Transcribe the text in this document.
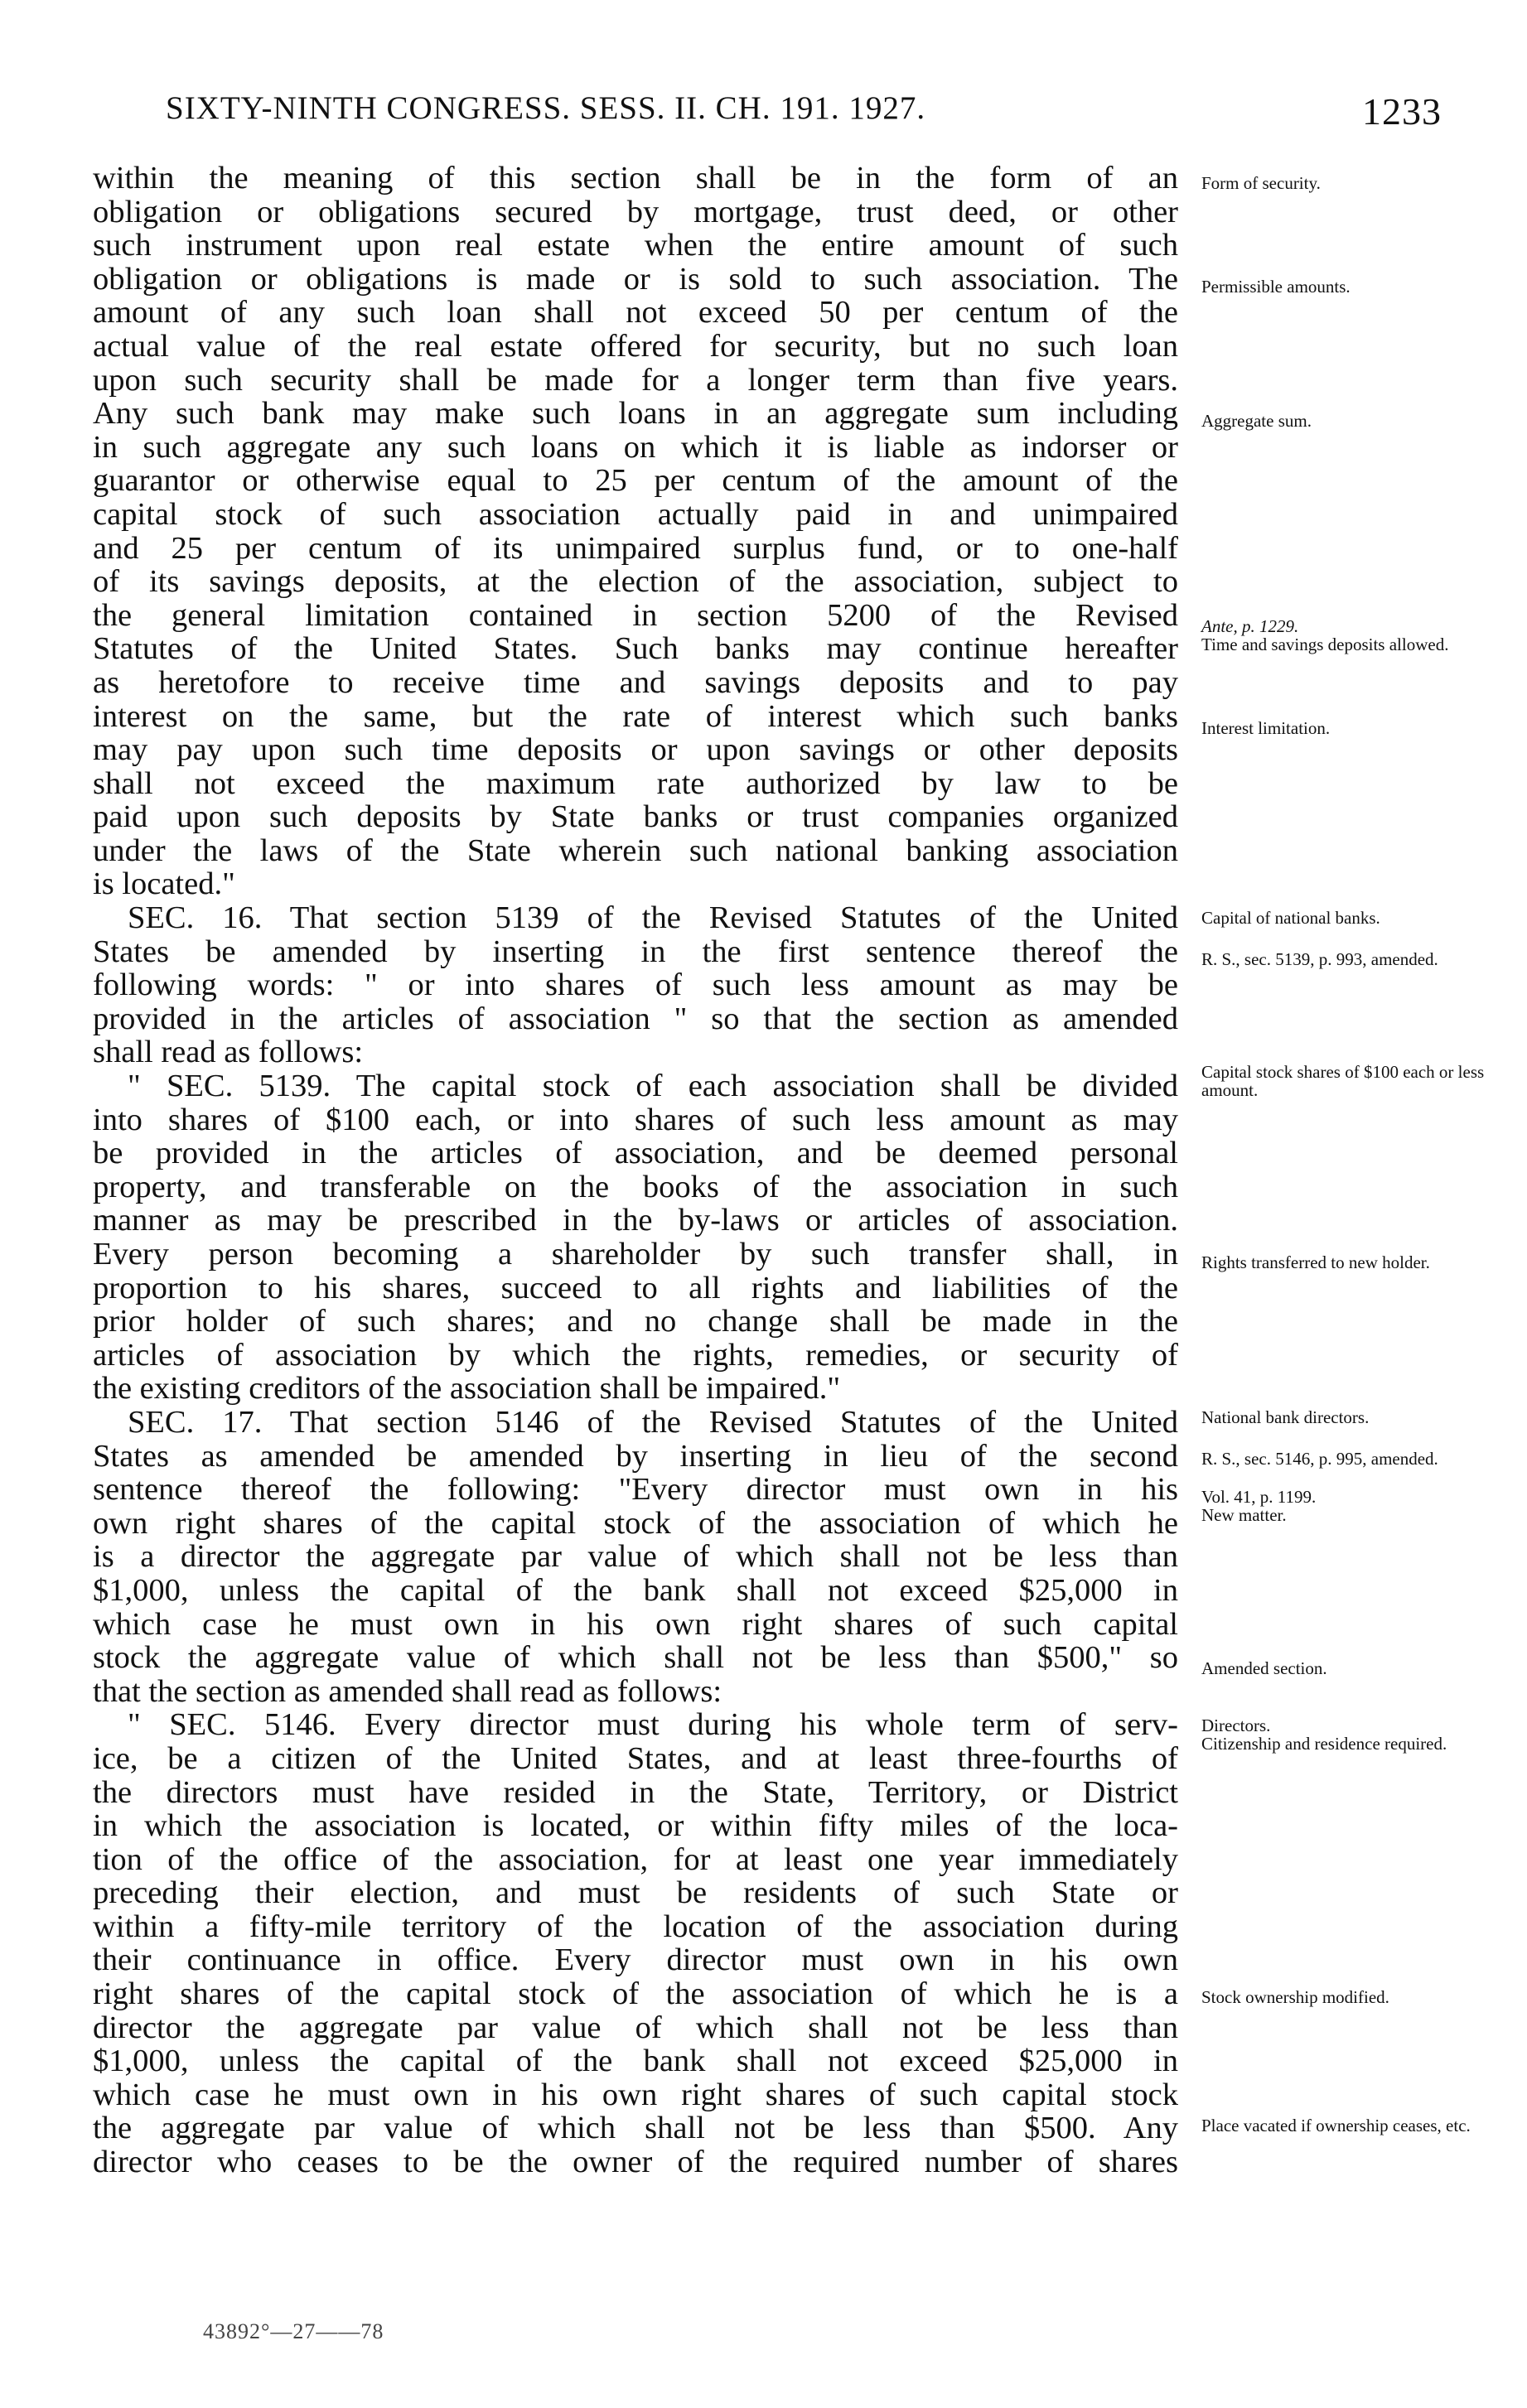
SIXTY-NINTH CONGRESS. SESS. II. CH. 191. 1927.	1233

within the meaning of this section shall be in the form of an

obligation or obligations secured by mortgage, trust deed, or other

such instrument upon real estate when the entire amount of such

obligation or obligations is made or is sold to such association. The

amount of any such loan shall not exceed 50 per centum of the

actual value of the real estate offered for security, but no such loan

upon such security shall be made for a longer term than five years.

Any such bank may make such loans in an aggregate sum including

in such aggregate any such loans on which it is liable as indorser or

guarantor or otherwise equal to 25 per centum of the amount of the

capital stock of such association actually paid in and unimpaired

and 25 per centum of its unimpaired surplus fund, or to one-half

of its savings deposits, at the election of the association, subject to

the general limitation contained in section 5200 of the Revised

Statutes of the United States. Such banks may continue hereafter

as heretofore to receive time and savings deposits and to pay

interest on the same, but the rate of interest which such banks

may pay upon such time deposits or upon savings or other deposits

shall not exceed the maximum rate authorized by law to be

paid upon such deposits by State banks or trust companies organized

under the laws of the State wherein such national banking association

is located."

SEC. 16. That section 5139 of the Revised Statutes of the United

States be amended by inserting in the first sentence thereof the

following words: " or into shares of such less amount as may be

provided in the articles of association " so that the section as amended

shall read as follows:

" SEC. 5139. The capital stock of each association shall be divided

into shares of $100 each, or into shares of such less amount as may

be provided in the articles of association, and be deemed personal

property, and transferable on the books of the association in such

manner as may be prescribed in the by-laws or articles of association.

Every person becoming a shareholder by such transfer shall, in

proportion to his shares, succeed to all rights and liabilities of the

prior holder of such shares; and no change shall be made in the

articles of association by which the rights, remedies, or security of

the existing creditors of the association shall be impaired."

SEC. 17. That section 5146 of the Revised Statutes of the United

States as amended be amended by inserting in lieu of the second

sentence thereof the following: "Every director must own in his

own right shares of the capital stock of the association of which he

is a director the aggregate par value of which shall not be less than

$1,000, unless the capital of the bank shall not exceed $25,000 in

which case he must own in his own right shares of such capital

stock the aggregate value of which shall not be less than $500," so

that the section as amended shall read as follows:

" SEC. 5146. Every director must during his whole term of serv-

ice, be a citizen of the United States, and at least three-fourths of

the directors must have resided in the State, Territory, or District

in which the association is located, or within fifty miles of the loca-

tion of the office of the association, for at least one year immediately

preceding their election, and must be residents of such State or

within a fifty-mile territory of the location of the association during

their continuance in office. Every director must own in his own

right shares of the capital stock of the association of which he is a

director the aggregate par value of which shall not be less than

$1,000, unless the capital of the bank shall not exceed $25,000 in

which case he must own in his own right shares of such capital stock

the aggregate par value of which shall not be less than $500. Any

director who ceases to be the owner of the required number of shares

Form of security.
Permissible amounts.
Aggregate sum.
Ante, p. 1229.
Time and savings deposits allowed.
Interest limitation.
Capital of national banks.
R. S., sec. 5139, p. 993, amended.
Capital stock shares of $100 each or less amount.
Rights transferred to new holder.
National bank directors.
R. S., sec. 5146, p. 995, amended.
Vol. 41, p. 1199.
New matter.
Amended section.
Directors.
Citizenship and residence required.
Stock ownership modified.
Place vacated if ownership ceases, etc.
43892°—27——78
